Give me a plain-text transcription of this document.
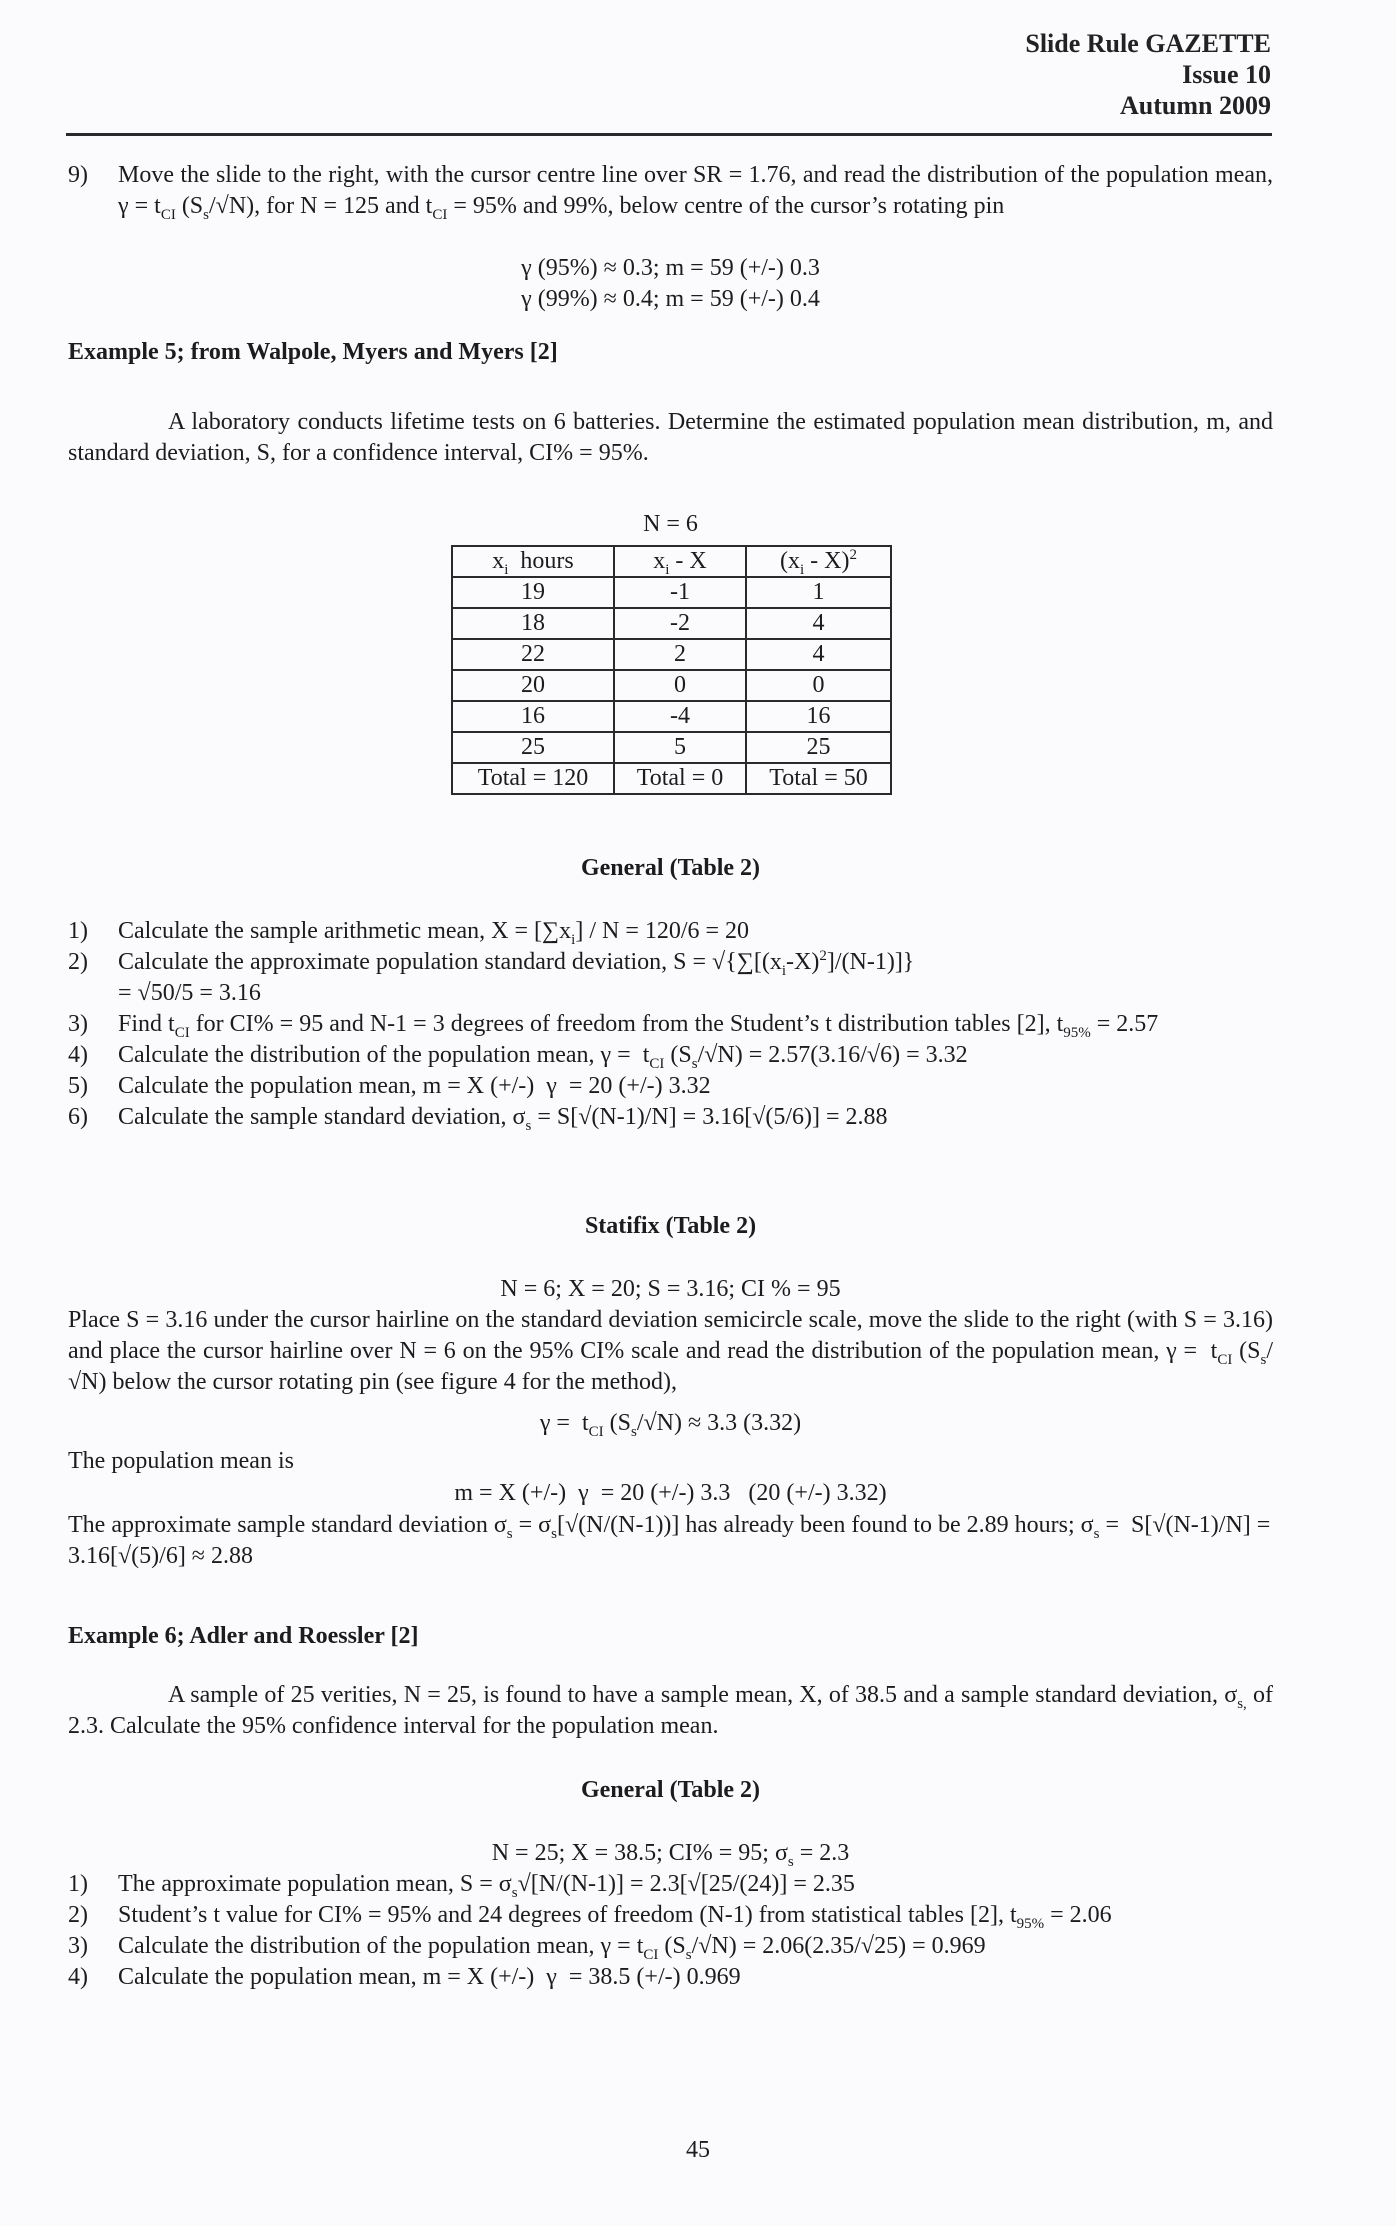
Slide Rule GAZETTE
Issue 10
Autumn 2009
9) Move the slide to the right, with the cursor centre line over SR = 1.76, and read the distribution of the population mean, $\gamma = t_{CI}$ $(S_s/√N)$, for N = 125 and $t_{CI} = 95\%$ and 99%, below centre of the cursor’s rotating pin
γ (95%) ≈ 0.3; m = 59 (+/-) 0.3
γ (99%) ≈ 0.4; m = 59 (+/-) 0.4
Example 5; from Walpole, Myers and Myers [2]
A laboratory conducts lifetime tests on 6 batteries. Determine the estimated population mean distribution, m, and standard deviation, S, for a confidence interval, CI% = 95%.
N = 6
$x_i$  hours	$x_i$ - X	$(x_i - X)^2$
19	-1	1
18	-2	4
22	2	4
20	0	0
16	-4	16
25	5	25
Total = 120	Total = 0	Total = 50
General (Table 2)
1) Calculate the sample arithmetic mean, $X = [\sum x_i] / N = 120/6 = 20$
2) Calculate the approximate population standard deviation, $S = √\{\sum[(x_i-X)^2]/(N-1)]$}
= √50/5 = 3.16
3) Find $t_{CI}$ for CI% = 95 and N-1 = 3 degrees of freedom from the Student’s t distribution tables [2], $t_{95\%} = 2.57$
4) Calculate the distribution of the population mean, $\gamma = t_{CI}$ $(S_s/√N) = 2.57(3.16/√6) = 3.32$
5) Calculate the population mean, m = X (+/-)  γ  = 20 (+/-) 3.32
6) Calculate the sample standard deviation, $\sigma_s = S[√(N-1)/N] = 3.16[√(5/6)] = 2.88$
Statifix (Table 2)
N = 6; X = 20; S = 3.16; CI % = 95
Place S = 3.16 under the cursor hairline on the standard deviation semicircle scale, move the slide to the right (with S = 3.16) and place the cursor hairline over N = 6 on the 95% CI% scale and read the distribution of the population mean, $\gamma = t_{CI}$ $(S_s/√N)$ below the cursor rotating pin (see figure 4 for the method),
$\gamma = t_{CI}$ $(S_s/√N) \approx 3.3$ (3.32)
The population mean is
m = X (+/-)  γ  = 20 (+/-) 3.3   (20 (+/-) 3.32)
The approximate sample standard deviation $\sigma_s = \sigma_s[√(N/(N-1))]$ has already been found to be 2.89 hours; $\sigma_s = S[√(N-1)/N] = 3.16[√(5)/6] \approx 2.88$
Example 6; Adler and Roessler [2]
A sample of 25 verities, N = 25, is found to have a sample mean, X, of 38.5 and a sample standard deviation, $\sigma_{s,}$ of 2.3. Calculate the 95% confidence interval for the population mean.
General (Table 2)
N = 25; X = 38.5; CI% = 95; $\sigma_s = 2.3$
1) The approximate population mean, $S = \sigma_s√[N/(N-1)] = 2.3[√[25/(24)] = 2.35$
2) Student’s t value for CI% = 95% and 24 degrees of freedom (N-1) from statistical tables [2], $t_{95\%} = 2.06$
3) Calculate the distribution of the population mean, $\gamma = t_{CI}$ $(S_s/√N) = 2.06(2.35/√25) = 0.969$
4) Calculate the population mean, m = X (+/-)  γ  = 38.5 (+/-) 0.969
45
